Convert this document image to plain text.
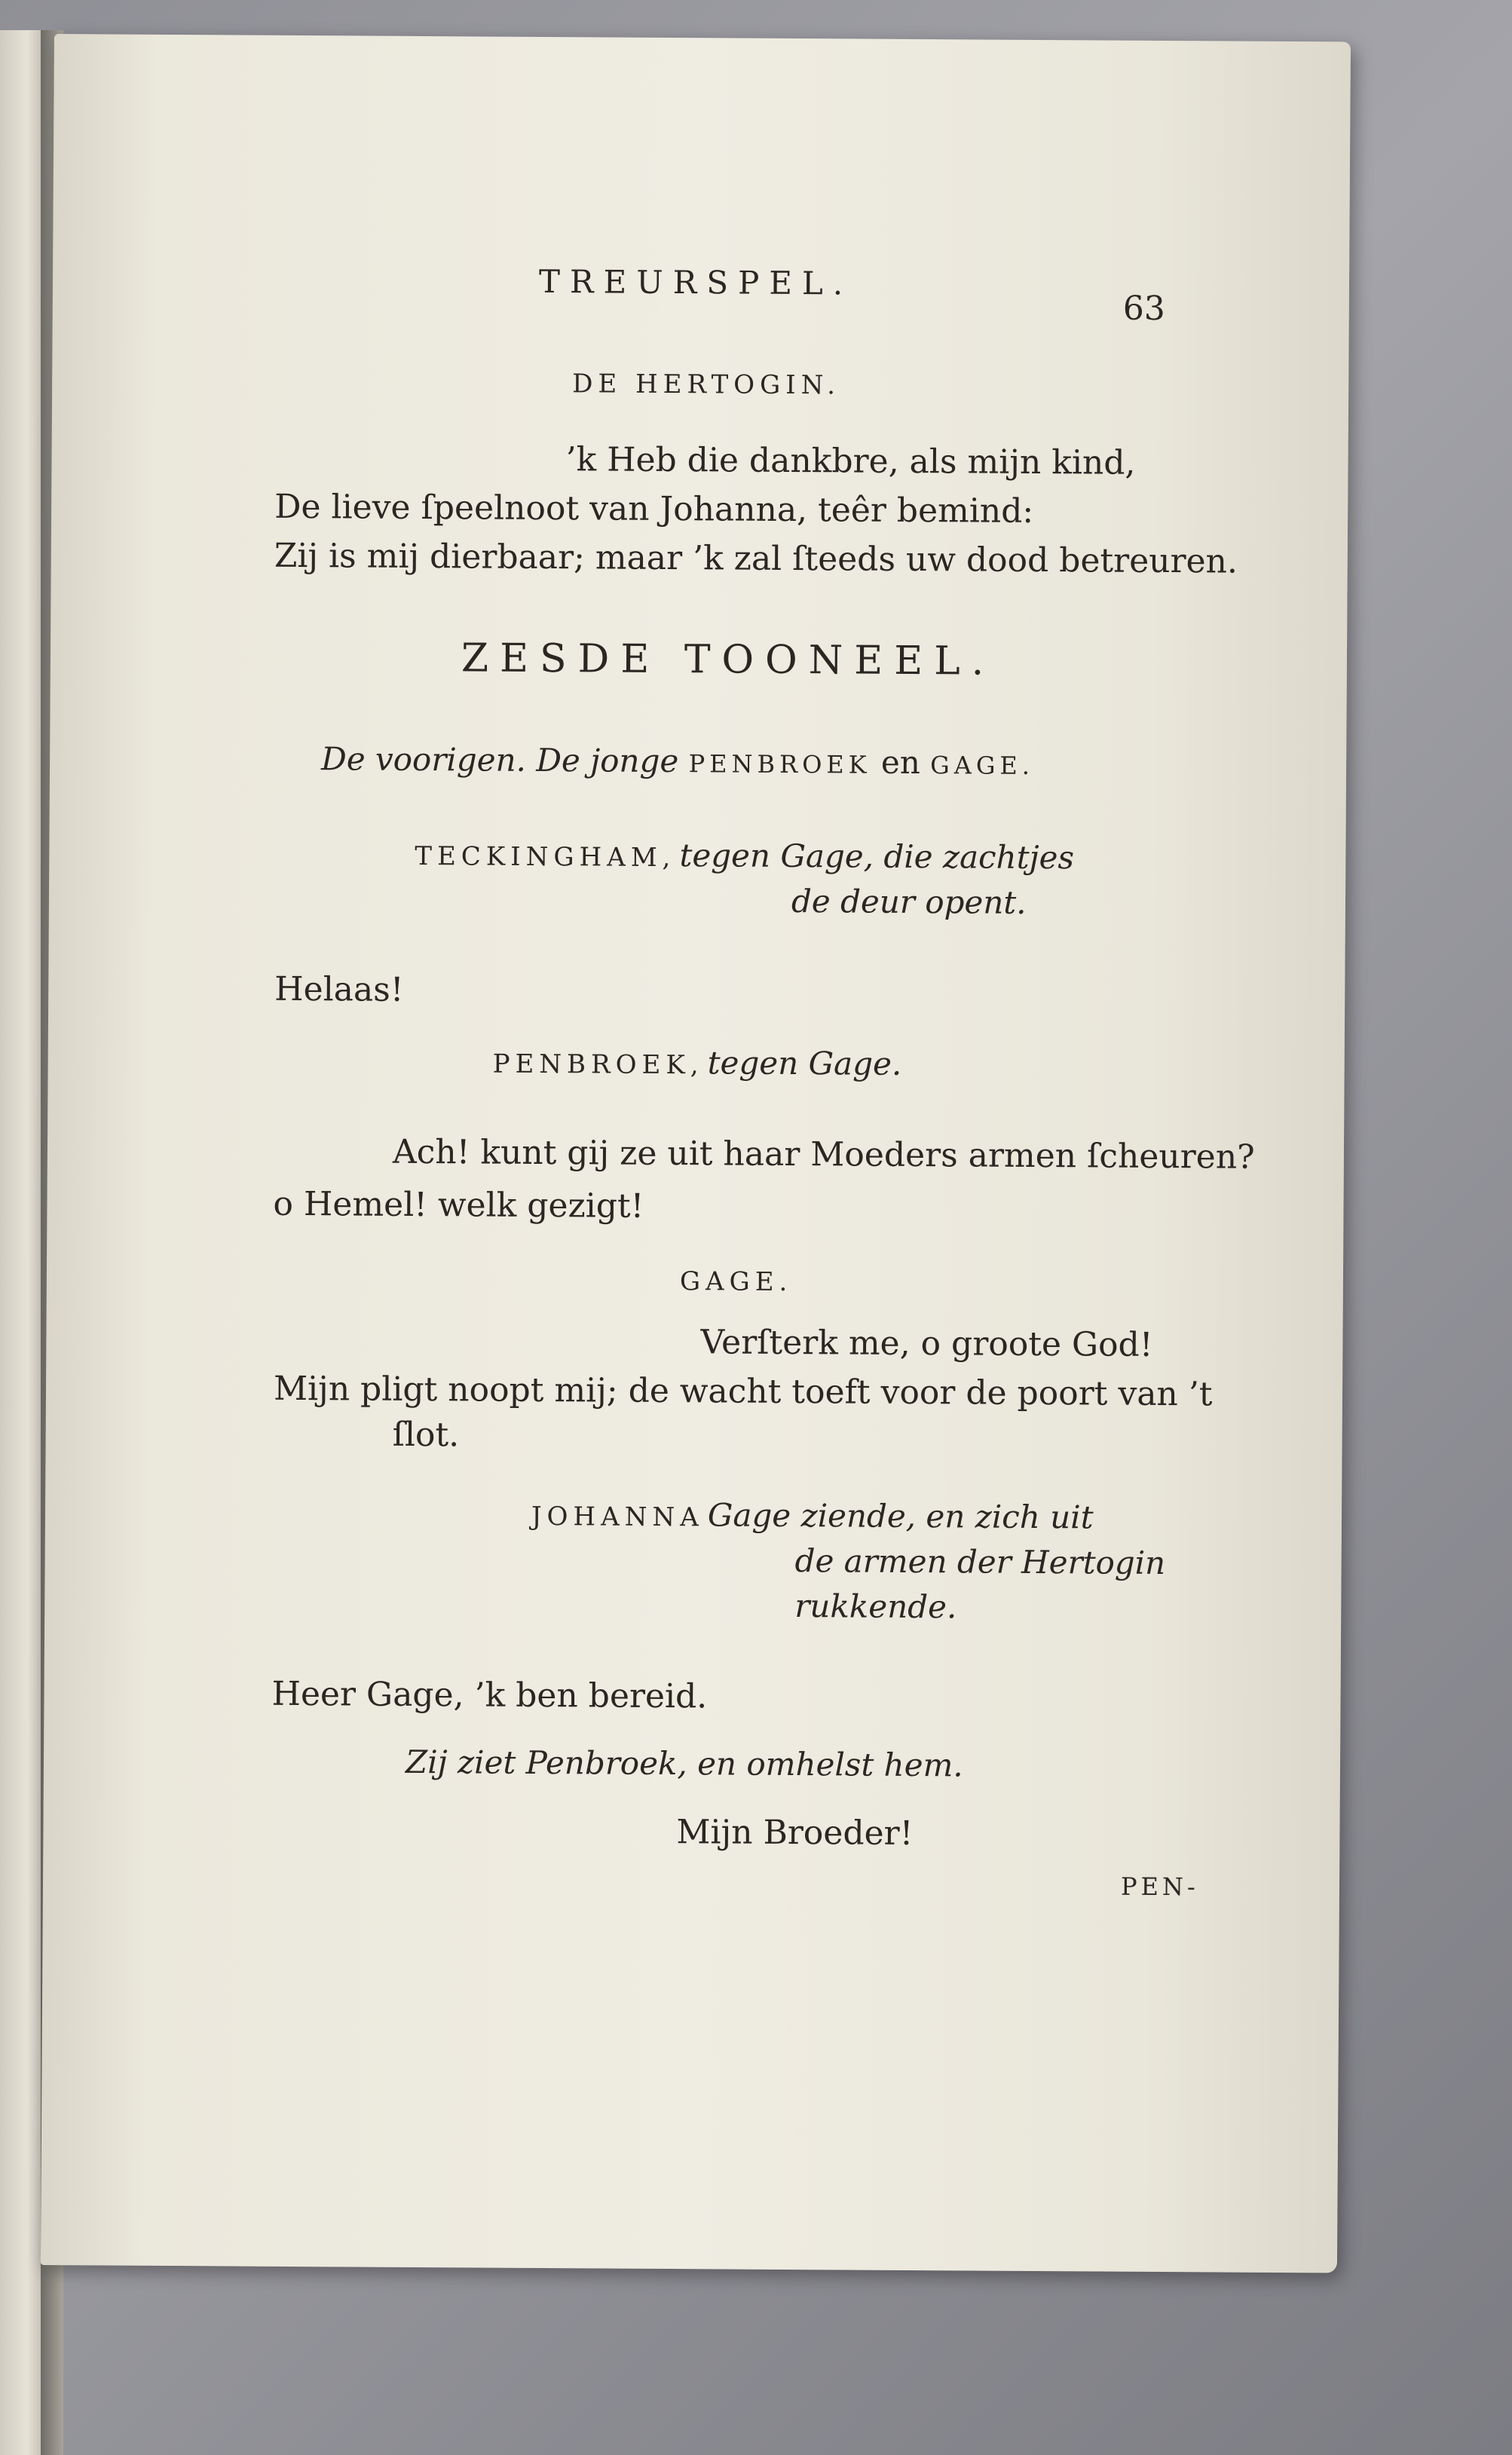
TREURSPEL.
63
DE HERTOGIN.
’k Heb die dankbre, als mijn kind,
De lieve ſpeelnoot van Johanna, teêr bemind:
Zij is mij dierbaar; maar ’k zal ſteeds uw dood betreuren.
ZESDE TOONEEL.
De voorigen. De jonge PENBROEK en GAGE.
TECKINGHAM, tegen Gage, die zachtjes
de deur opent.
Helaas!
PENBROEK, tegen Gage.
Ach! kunt gij ze uit haar Moeders armen ſcheuren?
o Hemel! welk gezigt!
GAGE.
Verſterk me, o groote God!
Mijn pligt noopt mij; de wacht toeft voor de poort van ’t
ſlot.
JOHANNA Gage ziende, en zich uit
de armen der Hertogin
rukkende.
Heer Gage, ’k ben bereid.
Zij ziet Penbroek, en omhelst hem.
Mijn Broeder!
PEN-
